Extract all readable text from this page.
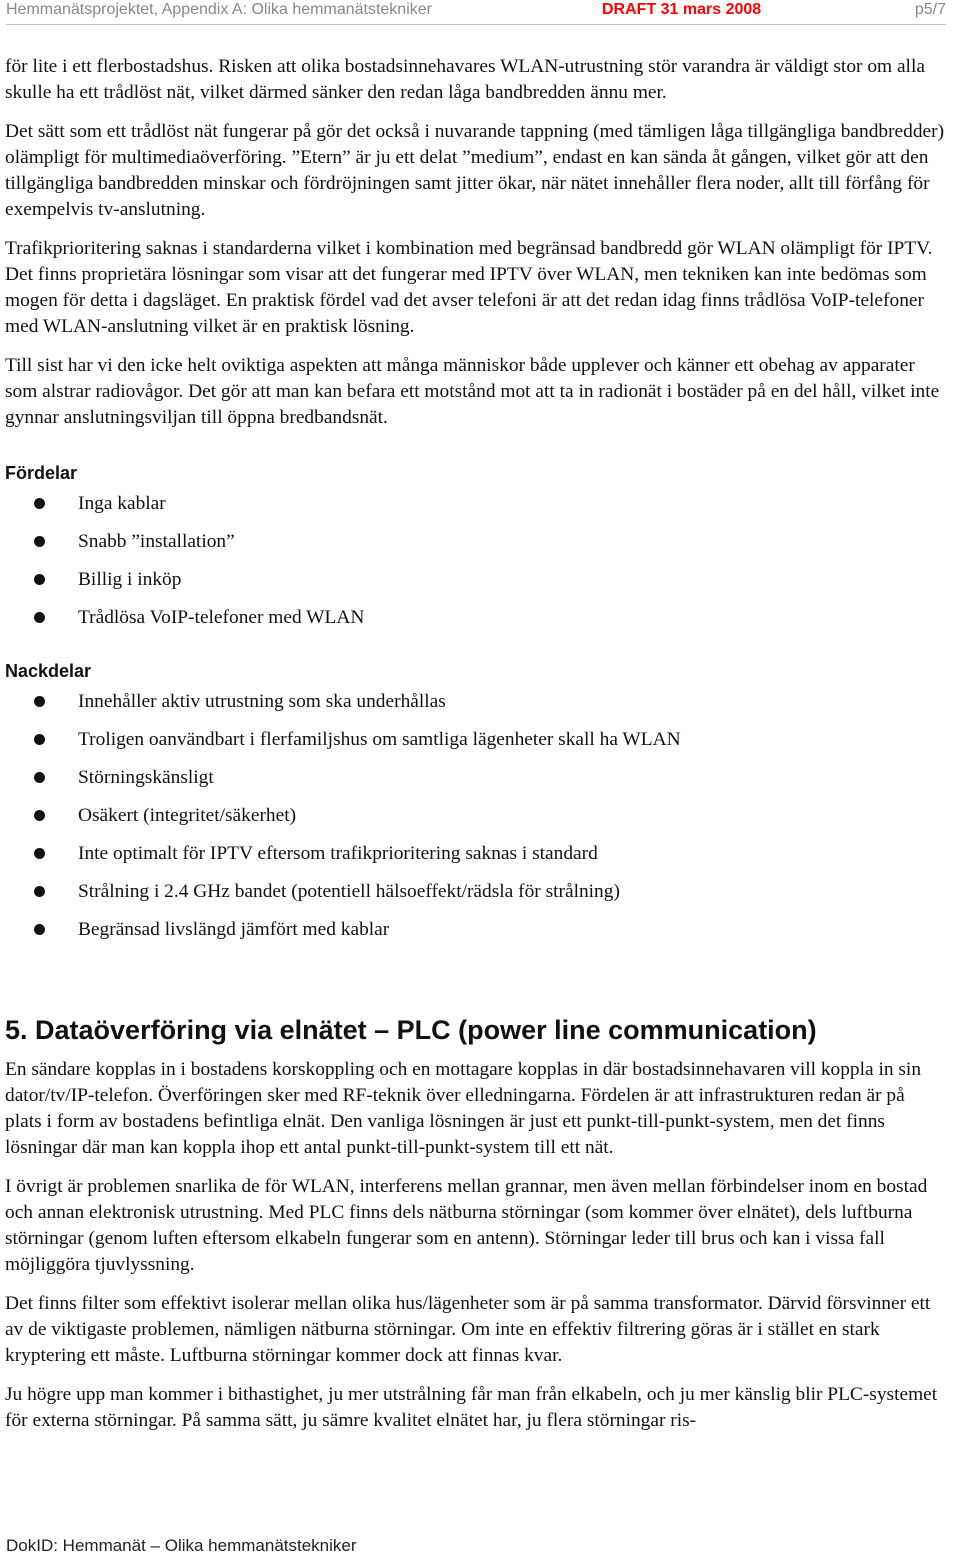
Hemmanätsprojektet, Appendix A: Olika hemmanätstekniker	DRAFT 31 mars 2008	p5/7

för lite i ett flerbostadshus. Risken att olika bostadsinnehavares WLAN-utrustning stör varandra är väldigt stor om alla skulle ha ett trådlöst nät, vilket därmed sänker den redan låga bandbredden ännu mer.

Det sätt som ett trådlöst nät fungerar på gör det också i nuvarande tappning (med tämligen låga tillgängliga bandbredder) olämpligt för multimediaöverföring. ”Etern” är ju ett delat ”medium”, endast en kan sända åt gången, vilket gör att den tillgängliga bandbredden minskar och fördröjningen samt jitter ökar, när nätet innehåller flera noder, allt till förfång för exempelvis tv-anslutning.

Trafikprioritering saknas i standarderna vilket i kombination med begränsad bandbredd gör WLAN olämpligt för IPTV. Det finns proprietära lösningar som visar att det fungerar med IPTV över WLAN, men tekniken kan inte bedömas som mogen för detta i dagsläget. En praktisk fördel vad det avser telefoni är att det redan idag finns trådlösa VoIP-telefoner med WLAN-anslutning vilket är en praktisk lösning.

Till sist har vi den icke helt oviktiga aspekten att många människor både upplever och känner ett obehag av apparater som alstrar radiovågor. Det gör att man kan befara ett motstånd mot att ta in radionät i bostäder på en del håll, vilket inte gynnar anslutningsviljan till öppna bredbandsnät.

Fördelar
Inga kablar
Snabb ”installation”
Billig i inköp
Trådlösa VoIP-telefoner med WLAN
Nackdelar
Innehåller aktiv utrustning som ska underhållas
Troligen oanvändbart i flerfamiljshus om samtliga lägenheter skall ha WLAN
Störningskänsligt
Osäkert (integritet/säkerhet)
Inte optimalt för IPTV eftersom trafikprioritering saknas i standard
Strålning i 2.4 GHz bandet (potentiell hälsoeffekt/rädsla för strålning)
Begränsad livslängd jämfört med kablar
5. Dataöverföring via elnätet – PLC (power line communication)

En sändare kopplas in i bostadens korskoppling och en mottagare kopplas in där bostadsinnehavaren vill koppla in sin dator/tv/IP-telefon. Överföringen sker med RF-teknik över elledningarna. Fördelen är att infrastrukturen redan är på plats i form av bostadens befintliga elnät. Den vanliga lösningen är just ett punkt-till-punkt-system, men det finns lösningar där man kan koppla ihop ett antal punkt-till-punkt-system till ett nät.

I övrigt är problemen snarlika de för WLAN, interferens mellan grannar, men även mellan förbindelser inom en bostad och annan elektronisk utrustning. Med PLC finns dels nätburna störningar (som kommer över elnätet), dels luftburna störningar (genom luften eftersom elkabeln fungerar som en antenn). Störningar leder till brus och kan i vissa fall möjliggöra tjuvlyssning.

Det finns filter som effektivt isolerar mellan olika hus/lägenheter som är på samma transformator. Därvid försvinner ett av de viktigaste problemen, nämligen nätburna störningar. Om inte en effektiv filtrering göras är i stället en stark kryptering ett måste. Luftburna störningar kommer dock att finnas kvar.

Ju högre upp man kommer i bithastighet, ju mer utstrålning får man från elkabeln, och ju mer känslig blir PLC-systemet för externa störningar. På samma sätt, ju sämre kvalitet elnätet har, ju flera störningar ris-

DokID: Hemmanät – Olika hemmanätstekniker
